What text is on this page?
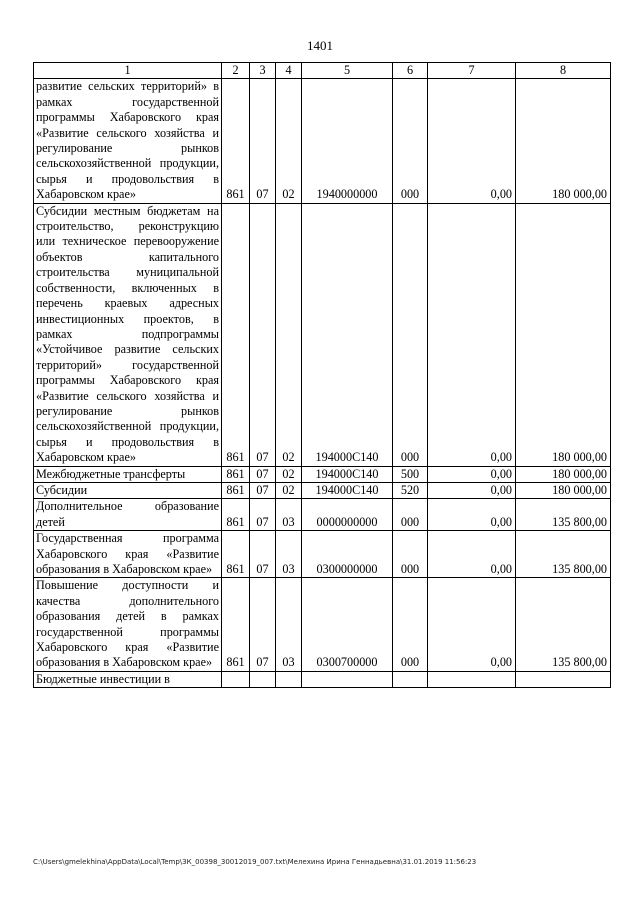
1401
1	2	3	4	5	6	7	8
развитие сельских территорий» в рамках государственной программы Хабаровского края «Развитие сельского хозяйства и регулирование рынков сельскохозяйственной продукции, сырья и продовольствия в Хабаровском крае»	861	07	02	1940000000	000	0,00	180 000,00
Субсидии местным бюджетам на строительство, реконструкцию или техническое перевооружение объектов капитального строительства муниципальной собственности, включенных в перечень краевых адресных инвестиционных проектов, в рамках подпрограммы «Устойчивое развитие сельских территорий» государственной программы Хабаровского края «Развитие сельского хозяйства и регулирование рынков сельскохозяйственной продукции, сырья и продовольствия в Хабаровском крае»	861	07	02	194000С140	000	0,00	180 000,00
Межбюджетные трансферты	861	07	02	194000С140	500	0,00	180 000,00
Субсидии	861	07	02	194000С140	520	0,00	180 000,00
Дополнительное образование детей	861	07	03	0000000000	000	0,00	135 800,00
Государственная программа Хабаровского края «Развитие образования в Хабаровском крае»	861	07	03	0300000000	000	0,00	135 800,00
Повышение доступности и качества дополнительного образования детей в рамках государственной программы Хабаровского края «Развитие образования в Хабаровском крае»	861	07	03	0300700000	000	0,00	135 800,00
Бюджетные инвестиции в							
C:\Users\gmelekhina\AppData\Local\Temp\ЗК_00398_30012019_007.txt\Мелехина Ирина Геннадьевна\31.01.2019 11:56:23
